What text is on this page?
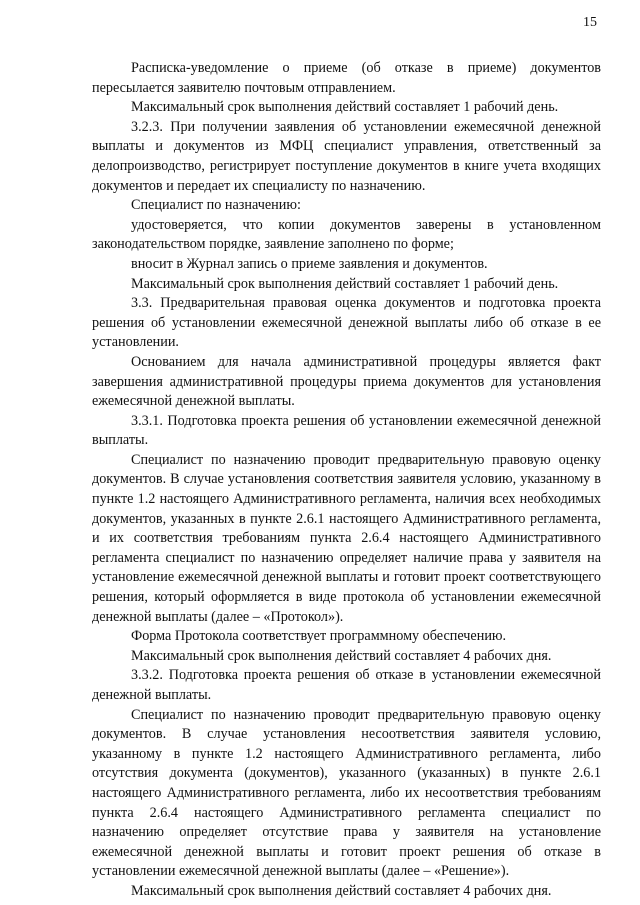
15

Расписка-уведомление о приеме (об отказе в приеме) документов пересылается заявителю почтовым отправлением.

Максимальный срок выполнения действий составляет 1 рабочий день.

3.2.3. При получении заявления об установлении ежемесячной денежной выплаты и документов из МФЦ специалист управления, ответственный за делопроизводство, регистрирует поступление документов в книге учета входящих документов и передает их специалисту по назначению.

Специалист по назначению:

удостоверяется, что копии документов заверены в установленном законодательством порядке, заявление заполнено по форме;

вносит в Журнал запись о приеме заявления и документов.

Максимальный срок выполнения действий составляет 1 рабочий день.

3.3. Предварительная правовая оценка документов и подготовка проекта решения об установлении ежемесячной денежной выплаты либо об отказе в ее установлении.

Основанием для начала административной процедуры является факт завершения административной процедуры приема документов для установления ежемесячной денежной выплаты.

3.3.1. Подготовка проекта решения об установлении ежемесячной денежной выплаты.

Специалист по назначению проводит предварительную правовую оценку документов. В случае установления соответствия заявителя условию, указанному в пункте 1.2 настоящего Административного регламента, наличия всех необходимых документов, указанных в пункте 2.6.1 настоящего Административного регламента, и их соответствия требованиям пункта 2.6.4 настоящего Административного регламента специалист по назначению определяет наличие права у заявителя на установление ежемесячной денежной выплаты и готовит проект соответствующего решения, который оформляется в виде протокола об установлении ежемесячной денежной выплаты (далее – «Протокол»).

Форма Протокола соответствует программному обеспечению.

Максимальный срок выполнения действий составляет 4 рабочих дня.

3.3.2. Подготовка проекта решения об отказе в установлении ежемесячной денежной выплаты.

Специалист по назначению проводит предварительную правовую оценку документов. В случае установления несоответствия заявителя условию, указанному в пункте 1.2 настоящего Административного регламента, либо отсутствия документа (документов), указанного (указанных) в пункте 2.6.1 настоящего Административного регламента, либо их несоответствия требованиям пункта 2.6.4 настоящего Административного регламента специалист по назначению определяет отсутствие права у заявителя на установление ежемесячной денежной выплаты и готовит проект решения об отказе в установлении ежемесячной денежной выплаты (далее – «Решение»).

Максимальный срок выполнения действий составляет 4 рабочих дня.
